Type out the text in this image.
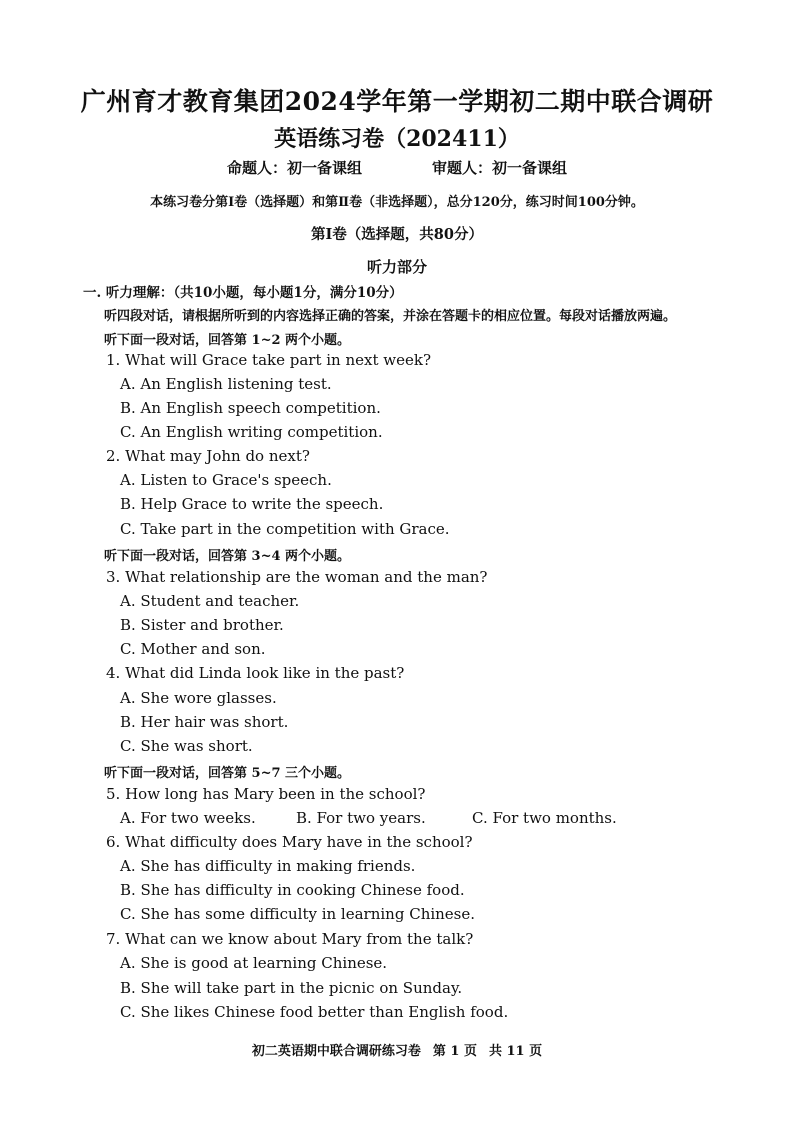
广州育才教育集团2024学年第一学期初二期中联合调研
英语练习卷（202411）
命题人：初一备课组	审题人：初一备课组
本练习卷分第Ⅰ卷（选择题）和第Ⅱ卷（非选择题），总分120分，练习时间100分钟。
第Ⅰ卷（选择题，共80分）
听力部分
一. 听力理解：（共10小题，每小题1分，满分10分）
听四段对话，请根据所听到的内容选择正确的答案，并涂在答题卡的相应位置。每段对话播放两遍。
听下面一段对话，回答第 1~2 两个小题。
1. What will Grace take part in next week?
A. An English listening test.
B. An English speech competition.
C. An English writing competition.
2. What may John do next?
A. Listen to Grace's speech.
B. Help Grace to write the speech.
C. Take part in the competition with Grace.
听下面一段对话，回答第 3~4 两个小题。
3. What relationship are the woman and the man?
A. Student and teacher.
B. Sister and brother.
C. Mother and son.
4. What did Linda look like in the past?
A. She wore glasses.
B. Her hair was short.
C. She was short.
听下面一段对话，回答第 5~7 三个小题。
5. How long has Mary been in the school?
A. For two weeks.	B. For two years.	C. For two months.
6. What difficulty does Mary have in the school?
A. She has difficulty in making friends.
B. She has difficulty in cooking Chinese food.
C. She has some difficulty in learning Chinese.
7. What can we know about Mary from the talk?
A. She is good at learning Chinese.
B. She will take part in the picnic on Sunday.
C. She likes Chinese food better than English food.
初二英语期中联合调研练习卷 第 1 页 共 11 页
